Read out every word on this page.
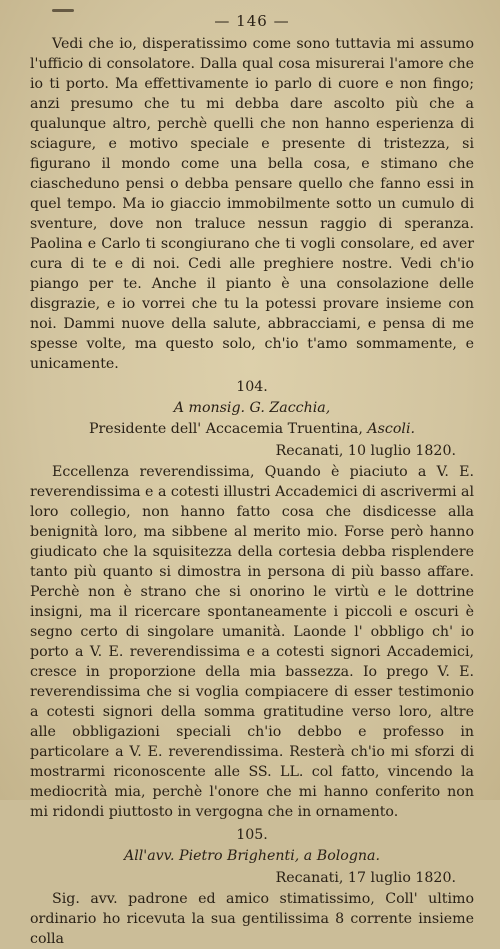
— 146 —

Vedi che io, disperatissimo come sono tuttavia mi assumo l'ufficio di consolatore. Dalla qual cosa misurerai l'amore che io ti porto. Ma effettivamente io parlo di cuore e non fingo; anzi presumo che tu mi debba dare ascolto più che a qualunque altro, perchè quelli che non hanno esperienza di sciagure, e motivo speciale e presente di tristezza, si figurano il mondo come una bella cosa, e stimano che ciascheduno pensi o debba pensare quello che fanno essi in quel tempo. Ma io giaccio immobilmente sotto un cumulo di sventure, dove non traluce nessun raggio di speranza. Paolina e Carlo ti scongiurano che ti vogli consolare, ed aver cura di te e di noi. Cedi alle preghiere nostre. Vedi ch'io piango per te. Anche il pianto è una consolazione delle disgrazie, e io vorrei che tu la potessi provare insieme con noi. Dammi nuove della salute, abbracciami, e pensa di me spesse volte, ma questo solo, ch'io t'amo sommamente, e unicamente.

104.
A monsig. G. Zacchia,
Presidente dell' Accacemia Truentina, Ascoli.
Recanati, 10 luglio 1820.

Eccellenza reverendissima, Quando è piaciuto a V. E. reverendissima e a cotesti illustri Accademici di ascrivermi al loro collegio, non hanno fatto cosa che disdicesse alla benignità loro, ma sibbene al merito mio. Forse però hanno giudicato che la squisitezza della cortesia debba risplendere tanto più quanto si dimostra in persona di più basso affare. Perchè non è strano che si onorino le virtù e le dottrine insigni, ma il ricercare spontaneamente i piccoli e oscuri è segno certo di singolare umanità. Laonde l' obbligo ch' io porto a V. E. reverendissima e a cotesti signori Accademici, cresce in proporzione della mia bassezza. Io prego V. E. reverendissima che si voglia compiacere di esser testimonio a cotesti signori della somma gratitudine verso loro, altre alle obbligazioni speciali ch'io debbo e professo in particolare a V. E. reverendissima. Resterà ch'io mi sforzi di mostrarmi riconoscente alle SS. LL. col fatto, vincendo la mediocrità mia, perchè l'onore che mi hanno conferito non mi ridondi piuttosto in vergogna che in ornamento.

105.
All'avv. Pietro Brighenti, a Bologna.
Recanati, 17 luglio 1820.

Sig. avv. padrone ed amico stimatissimo, Coll' ultimo ordinario ho ricevuta la sua gentilissima 8 corrente insieme colla
